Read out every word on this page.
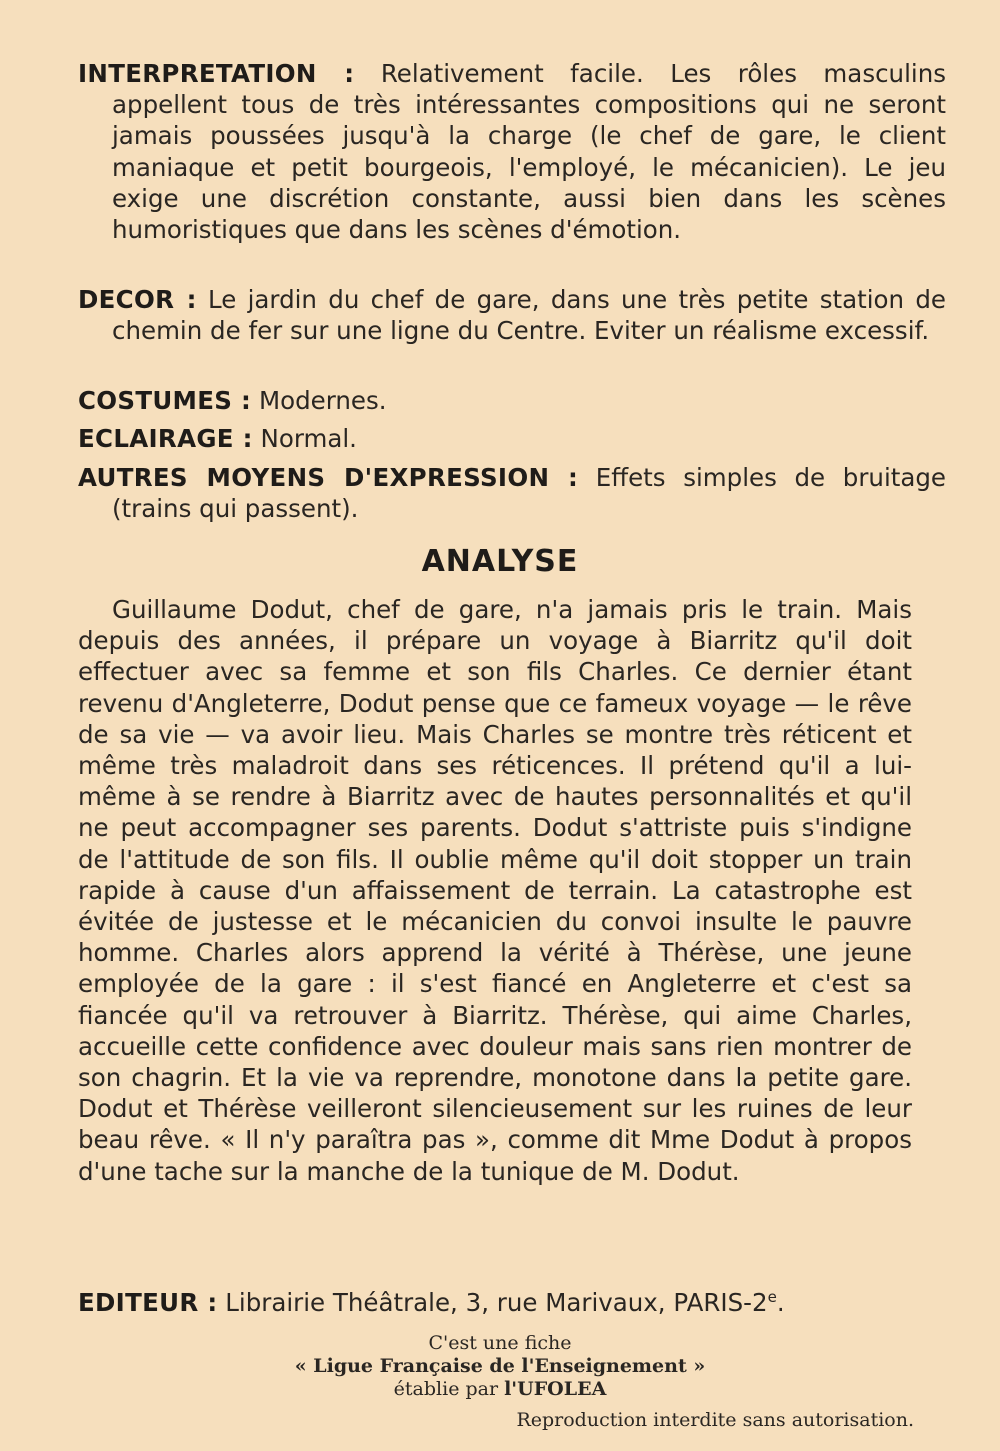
INTERPRETATION : Relativement facile. Les rôles masculins appellent tous de très intéressantes compositions qui ne seront jamais poussées jusqu'à la charge (le chef de gare, le client maniaque et petit bourgeois, l'employé, le mécanicien). Le jeu exige une discrétion constante, aussi bien dans les scènes humoristiques que dans les scènes d'émotion.
DECOR : Le jardin du chef de gare, dans une très petite station de chemin de fer sur une ligne du Centre. Eviter un réalisme excessif.
COSTUMES : Modernes.
ECLAIRAGE : Normal.
AUTRES MOYENS D'EXPRESSION : Effets simples de bruitage (trains qui passent).
ANALYSE

Guillaume Dodut, chef de gare, n'a jamais pris le train. Mais depuis des années, il prépare un voyage à Biarritz qu'il doit effectuer avec sa femme et son fils Charles. Ce dernier étant revenu d'Angleterre, Dodut pense que ce fameux voyage — le rêve de sa vie — va avoir lieu. Mais Charles se montre très réticent et même très maladroit dans ses réticences. Il prétend qu'il a lui-même à se rendre à Biarritz avec de hautes personnalités et qu'il ne peut accompagner ses parents. Dodut s'attriste puis s'indigne de l'attitude de son fils. Il oublie même qu'il doit stopper un train rapide à cause d'un affaissement de terrain. La catastrophe est évitée de justesse et le mécanicien du convoi insulte le pauvre homme. Charles alors apprend la vérité à Thérèse, une jeune employée de la gare : il s'est fiancé en Angleterre et c'est sa fiancée qu'il va retrouver à Biarritz. Thérèse, qui aime Charles, accueille cette confidence avec douleur mais sans rien montrer de son chagrin. Et la vie va reprendre, monotone dans la petite gare. Dodut et Thérèse veilleront silencieusement sur les ruines de leur beau rêve. « Il n'y paraîtra pas », comme dit Mme Dodut à propos d'une tache sur la manche de la tunique de M. Dodut.

EDITEUR : Librairie Théâtrale, 3, rue Marivaux, PARIS-2e.
C'est une fiche
« Ligue Française de l'Enseignement »
établie par l'UFOLEA
Reproduction interdite sans autorisation.
